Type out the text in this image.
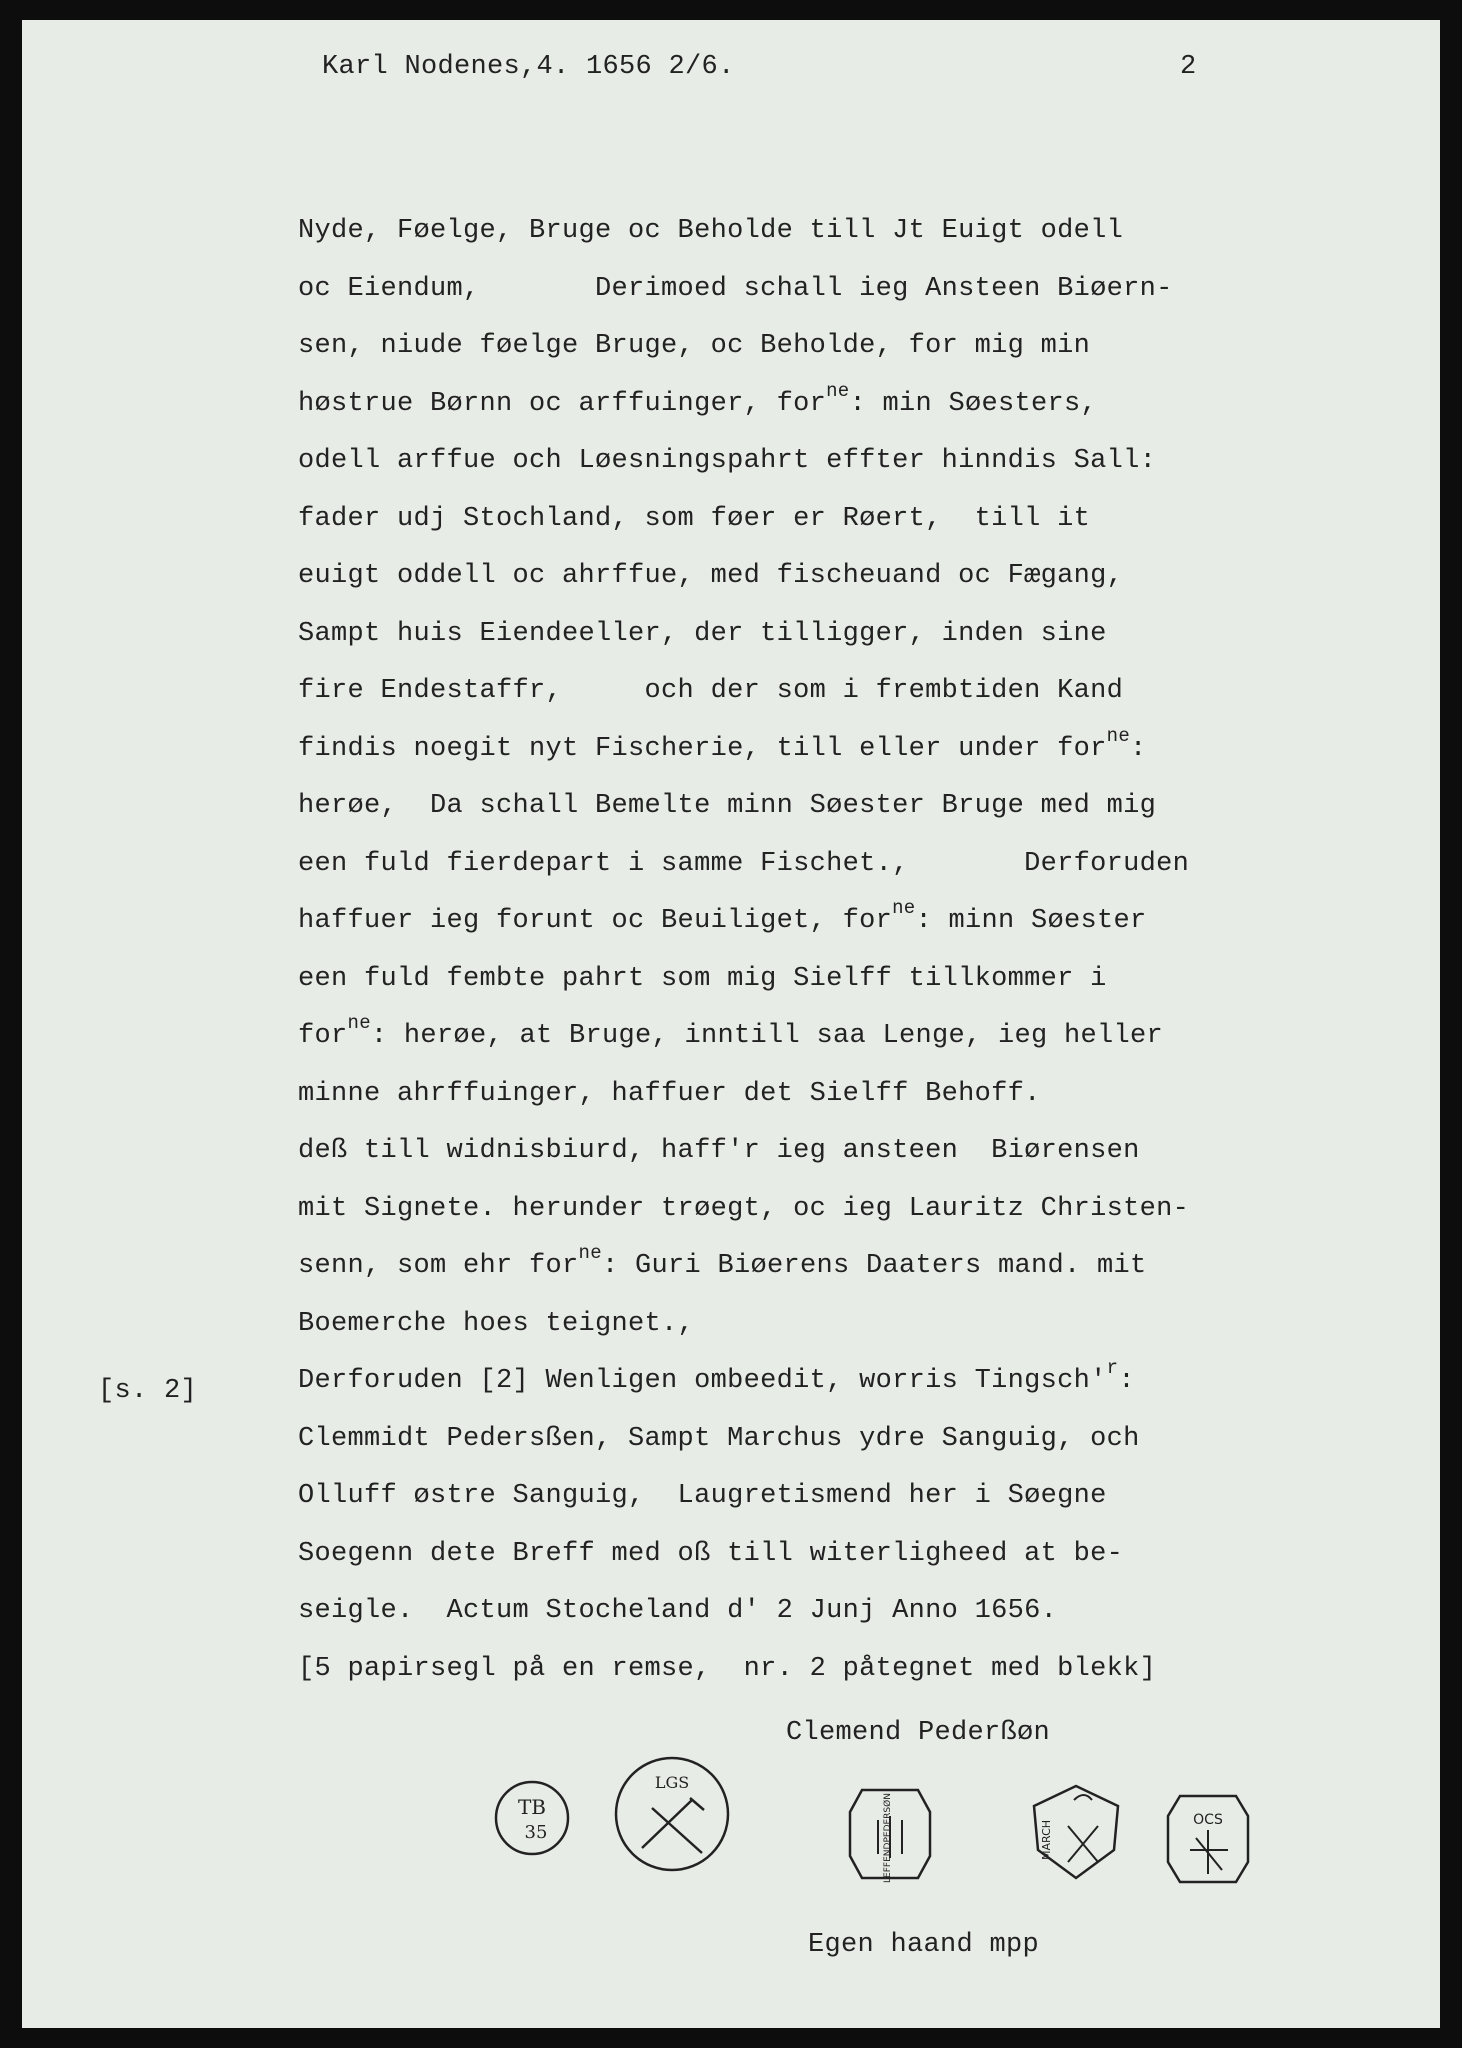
Karl Nodenes,4. 1656 2/6.	2
Nyde, Føelge, Bruge oc Beholde till Jt Euigt odell
oc Eiendum,       Derimoed schall ieg Ansteen Biøern-
sen, niude føelge Bruge, oc Beholde, for mig min
høstrue Børnn oc arffuinger, for$^{ne}$: min Søesters,
odell arffue och Løesningspahrt effter hinndis Sall:
fader udj Stochland, som føer er Røert,  till it
euigt oddell oc ahrffue, med fischeuand oc Fægang,
Sampt huis Eiendeeller, der tilligger, inden sine
fire Endestaffr,     och der som i frembtiden Kand
findis noegit nyt Fischerie, till eller under for$^{ne}$:
herøe,  Da schall Bemelte minn Søester Bruge med mig
een fuld fierdepart i samme Fischet.,       Derforuden
haffuer ieg forunt oc Beuiliget, for$^{ne}$: minn Søester
een fuld fembte pahrt som mig Sielff tillkommer i
for$^{ne}$: herøe, at Bruge, inntill saa Lenge, ieg heller
minne ahrffuinger, haffuer det Sielff Behoff.
deß till widnisbiurd, haff'r ieg ansteen  Biørensen
mit Signete. herunder trøegt, oc ieg Lauritz Christen-
senn, som ehr for$^{ne}$: Guri Biøerens Daaters mand. mit
Boemerche hoes teignet.,
Derforuden [2] Wenligen ombeedit, worris $Tingsch'^r$:
Clemmidt Pedersßen, Sampt Marchus ydre Sanguig, och
Olluff østre Sanguig,  Laugretismend her i Søegne
Soegenn dete Breff med oß till witerligheed at be-
seigle.  Actum Stocheland d' 2 Junj Anno 1656.
[5 papirsegl på en remse,  nr. 2 påtegnet med blekk]
[s. 2]
Clemend Pederßøn
TB
35
LGS
LEFFENDPEDERSØN	MARCH	OCS
Egen haand mpp
